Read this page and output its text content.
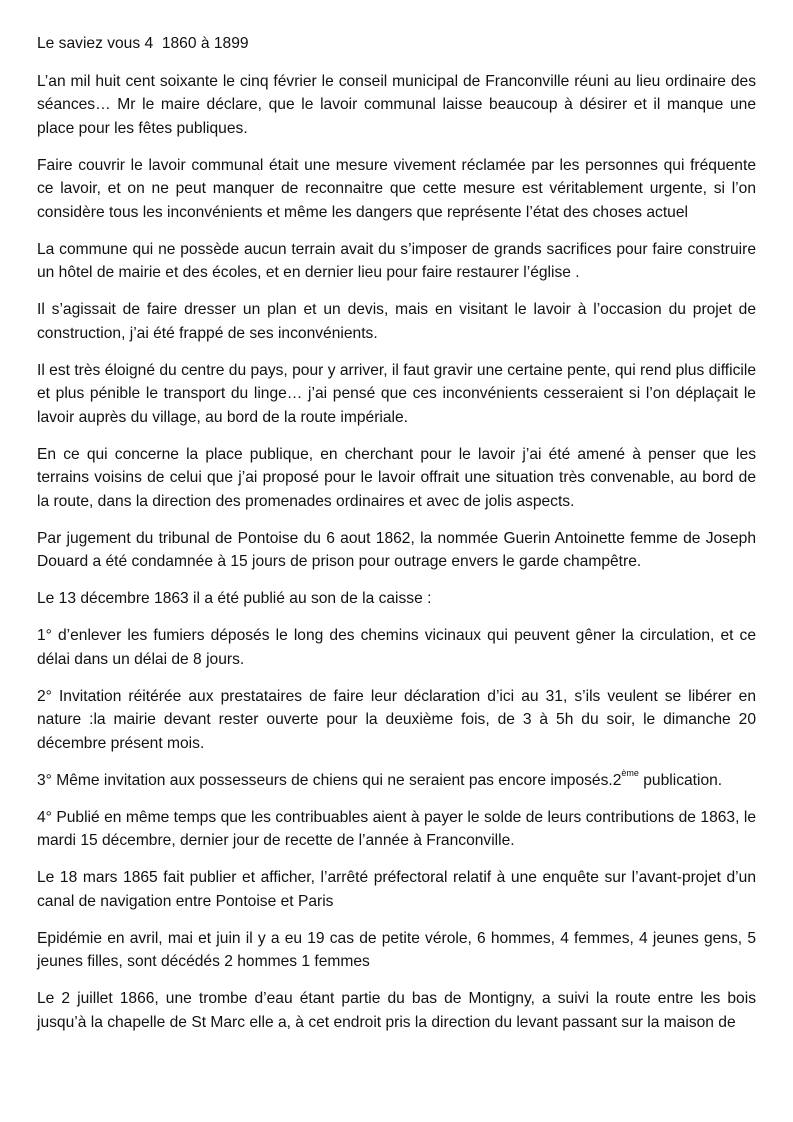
Le saviez vous 4  1860 à 1899

L’an mil huit cent soixante le cinq février le conseil municipal de Franconville réuni au lieu ordinaire des séances… Mr le maire déclare, que le lavoir communal laisse beaucoup à désirer et il manque une place pour les fêtes publiques.

Faire couvrir le lavoir communal était une mesure vivement réclamée par les personnes qui fréquente ce lavoir, et on ne peut manquer de reconnaitre que cette mesure est véritablement urgente, si l’on considère tous les inconvénients et même les dangers que représente l’état des choses actuel

La commune qui ne possède aucun terrain avait du s’imposer de grands sacrifices pour faire construire un hôtel de mairie et des écoles, et en dernier lieu pour faire restaurer l’église .

Il s’agissait de faire dresser un plan et un devis, mais en visitant le lavoir à l’occasion du projet de construction, j’ai été frappé de ses inconvénients.

Il est très éloigné du centre du pays, pour y arriver, il faut gravir une certaine pente, qui rend plus difficile et plus pénible le transport du linge… j’ai pensé que ces inconvénients cesseraient si l’on déplaçait le lavoir auprès du village, au bord de la route impériale.

En ce qui concerne la place publique, en cherchant pour le lavoir j’ai été amené à penser que les terrains voisins de celui que j’ai proposé pour le lavoir offrait une situation très convenable, au bord de la route, dans la direction des promenades ordinaires et avec de jolis aspects.

Par jugement du tribunal de Pontoise du 6 aout 1862, la nommée Guerin Antoinette femme de Joseph Douard a été condamnée à 15 jours de prison pour outrage envers le garde champêtre.

Le 13 décembre 1863 il a été publié au son de la caisse :

1° d’enlever les fumiers déposés le long des chemins vicinaux qui peuvent gêner la circulation, et ce délai dans un délai de 8 jours.

2° Invitation réitérée aux prestataires de faire leur déclaration d’ici au 31, s’ils veulent se libérer en nature :la mairie devant rester ouverte pour la deuxième fois, de 3 à 5h du soir, le dimanche 20 décembre présent mois.

3° Même invitation aux possesseurs de chiens qui ne seraient pas encore imposés.2ème publication.

4° Publié en même temps que les contribuables aient à payer le solde de leurs contributions de 1863, le mardi 15 décembre, dernier jour de recette de l’année à Franconville.

Le 18 mars 1865 fait publier et afficher, l’arrêté préfectoral relatif à une enquête sur l’avant-projet d’un canal de navigation entre Pontoise et Paris

Epidémie en avril, mai et juin il y a eu 19 cas de petite vérole, 6 hommes, 4 femmes, 4 jeunes gens, 5 jeunes filles, sont décédés 2 hommes 1 femmes

Le 2 juillet 1866, une trombe d’eau étant partie du bas de Montigny, a suivi la route entre les bois jusqu’à la chapelle de St Marc elle a, à cet endroit pris la direction du levant passant sur la maison de
